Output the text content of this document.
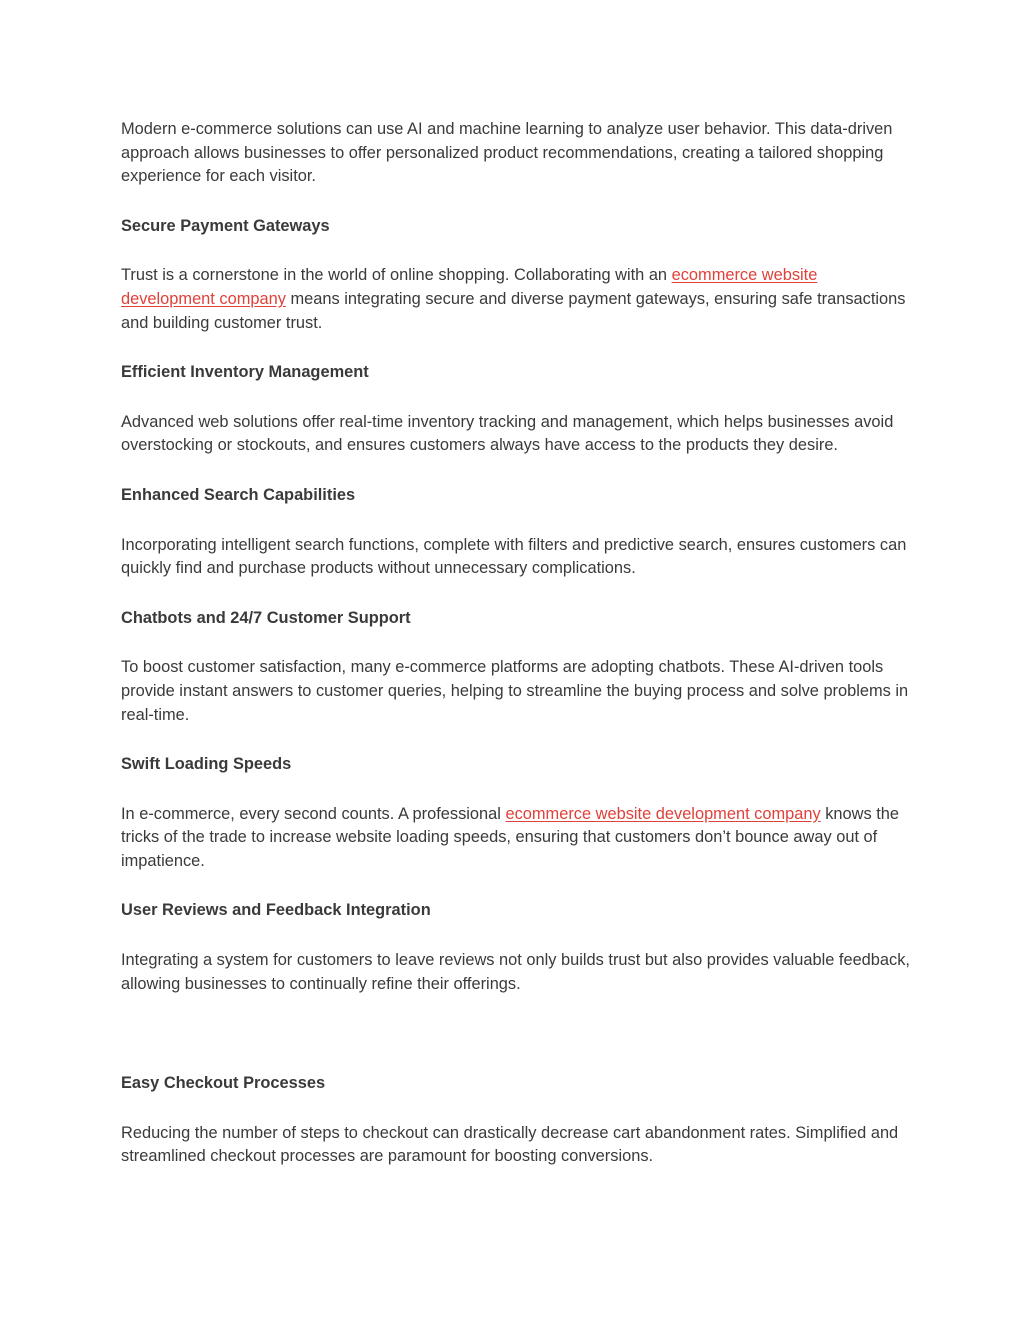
Modern e-commerce solutions can use AI and machine learning to analyze user behavior. This data-driven approach allows businesses to offer personalized product recommendations, creating a tailored shopping experience for each visitor.

Secure Payment Gateways

Trust is a cornerstone in the world of online shopping. Collaborating with an ecommerce website development company means integrating secure and diverse payment gateways, ensuring safe transactions and building customer trust.

Efficient Inventory Management

Advanced web solutions offer real-time inventory tracking and management, which helps businesses avoid overstocking or stockouts, and ensures customers always have access to the products they desire.

Enhanced Search Capabilities

Incorporating intelligent search functions, complete with filters and predictive search, ensures customers can quickly find and purchase products without unnecessary complications.

Chatbots and 24/7 Customer Support

To boost customer satisfaction, many e-commerce platforms are adopting chatbots. These AI-driven tools provide instant answers to customer queries, helping to streamline the buying process and solve problems in real-time.

Swift Loading Speeds

In e-commerce, every second counts. A professional ecommerce website development company knows the tricks of the trade to increase website loading speeds, ensuring that customers don’t bounce away out of impatience.

User Reviews and Feedback Integration

Integrating a system for customers to leave reviews not only builds trust but also provides valuable feedback, allowing businesses to continually refine their offerings.

Easy Checkout Processes

Reducing the number of steps to checkout can drastically decrease cart abandonment rates. Simplified and streamlined checkout processes are paramount for boosting conversions.
